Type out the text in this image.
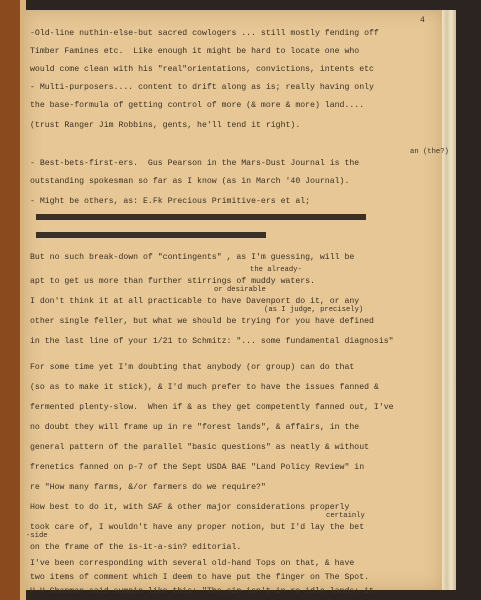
4
-Old-line nuthin-else-but sacred cowlogers ... still mostly fending off
Timber Famines etc.  Like enough it might be hard to locate one who
would come clean with his "real"orientations, convictions, intents etc
- Multi-purposers.... content to drift along as is; really having only
the base-formula of getting control of more (& more & more) land....
(trust Ranger Jim Robbins, gents, he'll tend it right).
an (the?)
- Best-bets-first-ers.  Gus Pearson in the Mars-Dust Journal is the
outstanding spokesman so far as I know (as in March '40 Journal).
- Might be others, as: E.Fk Precious Primitive-ers et al;
But no such break-down of "contingents" , as I'm guessing, will be
the already-
apt to get us more than further stirrings of muddy waters.
or desirable
I don't think it at all practicable to have Davenport do it, or any
(as I judge, precisely)
other single feller, but what we should be trying for you have defined
in the last line of your 1/21 to Schmitz: "... some fundamental diagnosis"
For some time yet I'm doubting that anybody (or group) can do that
(so as to make it stick), & I'd much prefer to have the issues fanned &
fermented plenty-slow.  When if & as they get competently fanned out, I've
no doubt they will frame up in re "forest lands", & affairs, in the
general pattern of the parallel "basic questions" as neatly & without
frenetics fanned on p-7 of the Sept USDA BAE "Land Policy Review" in
re "How many farms, &/or farmers do we require?"
How best to do it, with SAF & other major considerations properly
certainly
took care of, I wouldn't have any proper notion, but I'd lay the bet
-side
on the frame of the is-it-a-sin? editorial.
I've been corresponding with several old-hand Tops on that, & have
two items of comment which I deem to have put the finger on The Spot.
H H Chapman said sumpin like this: "The sin isn't in re idle lands; it
